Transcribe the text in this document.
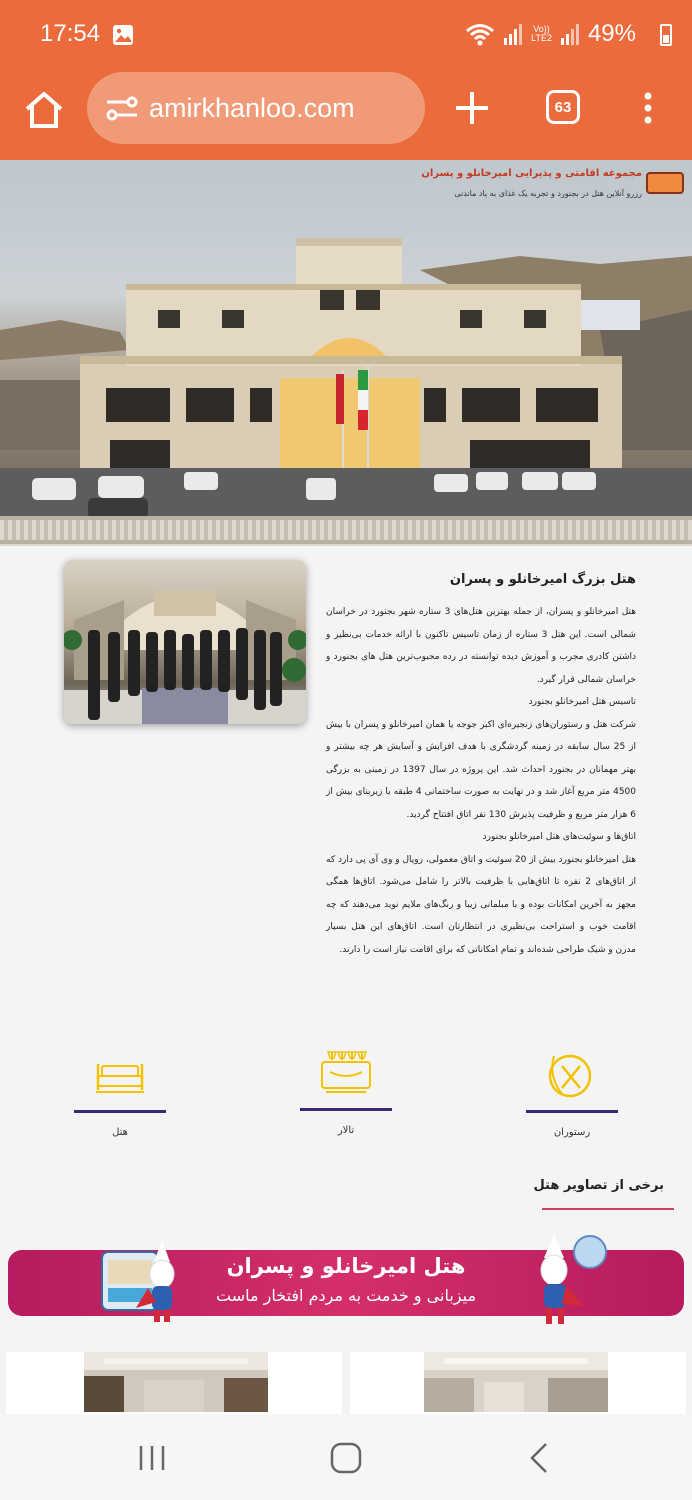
17:54	Vo))
LTE2 49%
amirkhanloo.com	63
مجموعه اقامتی و پذیرایی امیرخانلو و پسران
رزرو آنلاین هتل در بجنورد و تجربه یک غذای به یاد ماندنی
هتل بزرگ امیرخانلو و پسران

هتل امیرخانلو و پسران، از جمله بهترین هتل‌های 3 ستاره شهر بجنورد در خراسان شمالی است. این هتل 3 ستاره از زمان تاسیس تاکنون با ارائه خدمات بی‌نظیر و داشتن کادری مجرب و آموزش دیده توانسته در رده محبوب‌ترین هتل های بجنورد و خراسان شمالی قرار گیرد.

تاسیس هتل امیرخانلو بجنورد

شرکت هتل و رستوران‌های زنجیره‌ای اکبر جوجه یا همان امیرخانلو و پسران با بیش از 25 سال سابقه در زمینه گردشگری با هدف افزایش و آسایش هر چه بیشتر و بهتر مهمانان در بجنورد احداث شد. این پروژه در سال 1397 در زمینی به بزرگی 4500 متر مربع آغاز شد و در نهایت به صورت ساختمانی 4 طبقه با زیربنای بیش از 6 هزار متر مربع و ظرفیت پذیرش 130 نفر اتاق افتتاح گردید.

اتاق‌ها و سوئیت‌های هتل امیرخانلو بجنورد

هتل امیرخانلو بجنورد بیش از 20 سوئیت و اتاق معمولی، رویال و وی آی پی دارد که از اتاق‌های 2 نفره تا اتاق‌هایی با ظرفیت بالاتر را شامل می‌شود. اتاق‌ها همگی مجهز به آخرین امکانات بوده و با مبلمانی زیبا و رنگ‌های ملایم نوید می‌دهند که چه اقامت خوب و استراحت بی‌نظیری در انتظارتان است. اتاق‌های این هتل بسیار مدرن و شیک طراحی شده‌اند و تمام امکاناتی که برای اقامت نیاز است را دارند.

هتل	تالار	رستوران
برخی از تصاویر هتل
هتل امیرخانلو و پسران
میزبانی و خدمت به مردم افتخار ماست
